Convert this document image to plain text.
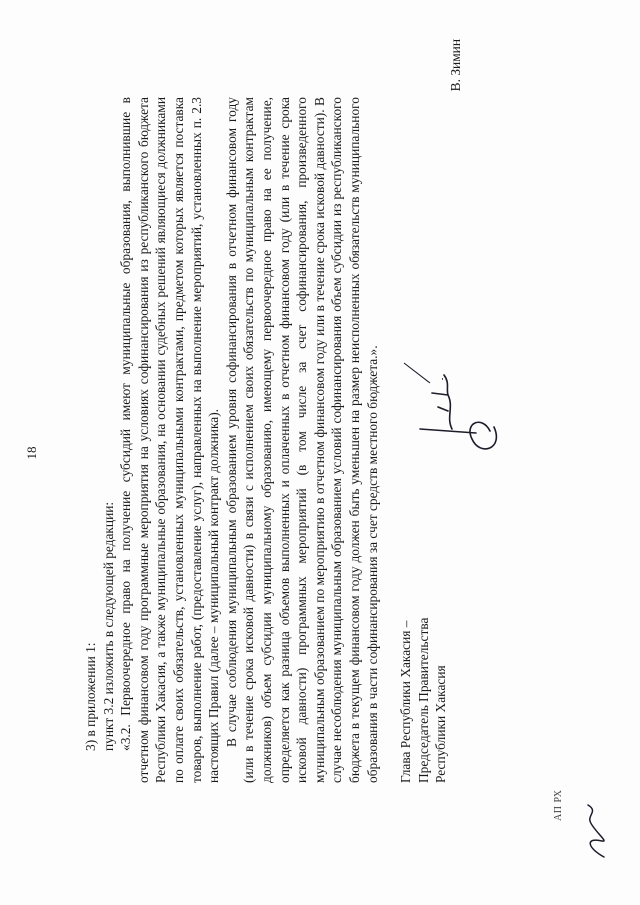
18

3) в приложении 1: пункт 3.2 изложить в следующей редакции: «3.2. Первоочередное право на получение субсидий имеют муниципальные образования, выполнившие в отчетном финансовом году программные мероприятия на условиях софинансирования из республиканского бюджета Республики Хакасия, а также муниципальные образования, на основании судебных решений являющиеся должниками по оплате своих обязательств, установленных муниципальными контрактами, предметом которых является поставка товаров, выполнение работ, (предоставление услуг), направленных на выполнение мероприятий, установленных п. 2.3 настоящих Правил (далее – муниципальный контракт должника). В случае соблюдения муниципальным образованием уровня софинансирования в отчетном финансовом году (или в течение срока исковой давности) в связи с исполнением своих обязательств по муниципальным контрактам должников) объем субсидии муниципальному образованию, имеющему первоочередное право на ее получение, определяется как разница объемов выполненных и оплаченных в отчетном финансовом году (или в течение срока исковой давности) программных мероприятий (в том числе за счет софинансирования, произведенного муниципальным образованием по мероприятию в отчетном финансовом году или в течение срока исковой давности). В случае несоблюдения муниципальным образованием условий софинансирования объем субсидии из республиканского бюджета в текущем финансовом году должен быть уменьшен на размер неисполненных обязательств муниципального образования в части софинансирования за счет средств местного бюджета.». Глава Республики Хакасия – Председатель Правительства Республики Хакасия
В. Зимин
АП РХ
